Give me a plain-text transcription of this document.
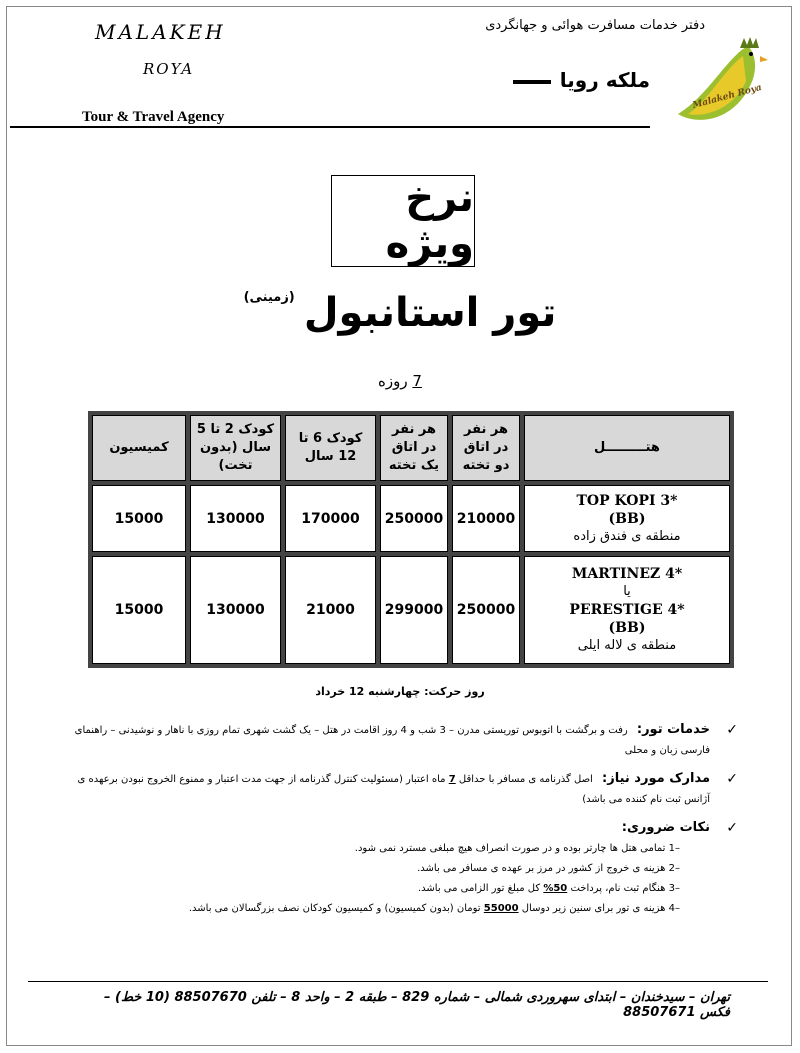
MALAKEH
ROYA
Tour & Travel Agency
دفتر خدمات مسافرت هوائی و جهانگردی
ملکه رویا
Malakeh Roya
نرخ ویژه
تور استانبول $^{(زمینی)}$
7 روزه
هتـــــــــل	هر نفر در اتاق دو تخته	هر نفر در اتاق یک تخته	کودک 6 تا 12 سال	کودک 2 تا 5 سال (بدون تخت)	کمیسیون

TOP KOPI 3*
(BB)
منطقه ی فندق زاده	210000	250000	170000	130000	15000

MARTINEZ 4*
یا
PERESTIGE 4*
(BB)
منطقه ی لاله ایلی	250000	299000	21000	130000	15000
روز حرکت: چهارشنبه 12 خرداد
✓
خدمات تور: رفت و برگشت با اتوبوس توریستی مدرن – 3 شب و 4 روز اقامت در هتل – یک گشت شهری تمام روزی با ناهار و نوشیدنی – راهنمای فارسی زبان و محلی
✓
مدارک مورد نیاز: اصل گذرنامه ی مسافر با حداقل 7 ماه اعتبار (مسئولیت کنترل گذرنامه از جهت مدت اعتبار و ممنوع الخروج نبودن برعهده ی آژانس ثبت نام کننده می باشد)
✓
نکات ضروری:
–1 تمامی هتل ها چارتر بوده و در صورت انصراف هیچ مبلغی مسترد نمی شود.
–2 هزینه ی خروج از کشور در مرز بر عهده ی مسافر می باشد.
–3 هنگام ثبت نام، پرداخت 50% کل مبلغ تور الزامی می باشد.
–4 هزینه ی تور برای سنین زیر دوسال 55000 تومان (بدون کمیسیون) و کمیسیون کودکان نصف بزرگسالان می باشد.
تهران – سیدخندان – ابتدای سهروردی شمالی – شماره 829 – طبقه 2 – واحد 8 – تلفن 88507670 (10 خط) – فکس 88507671
